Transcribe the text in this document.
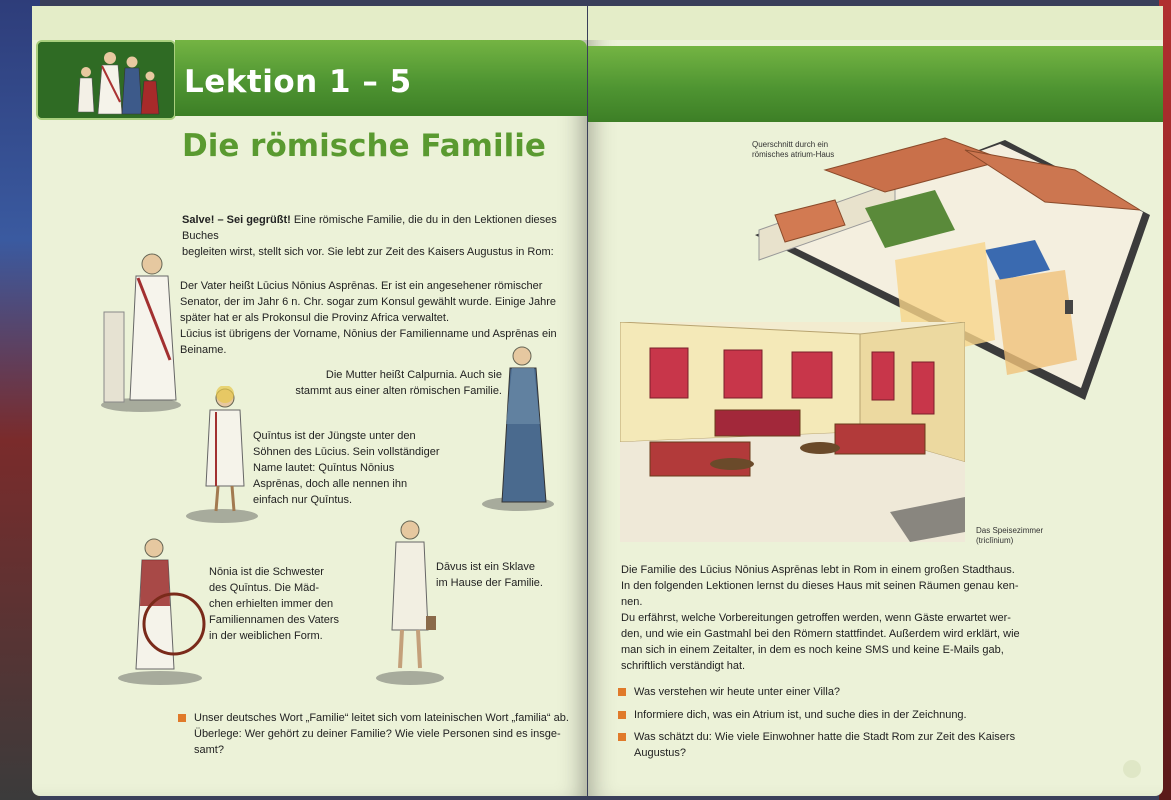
Lektion 1 – 5
Die römische Familie
Salve! – Sei gegrüßt! Eine römische Familie, die du in den Lektionen dieses Buches
begleiten wirst, stellt sich vor. Sie lebt zur Zeit des Kaisers Augustus in Rom:
Der Vater heißt Lūcius Nōnius Asprēnas. Er ist ein angesehener römischer
Senator, der im Jahr 6 n. Chr. sogar zum Konsul gewählt wurde. Einige Jahre
später hat er als Prokonsul die Provinz Africa verwaltet.
Lūcius ist übrigens der Vorname, Nōnius der Familienname und Asprēnas ein
Beiname.
Die Mutter heißt Calpurnia. Auch sie
stammt aus einer alten römischen Familie.
Quīntus ist der Jüngste unter den
Söhnen des Lūcius. Sein vollständiger
Name lautet: Quīntus Nōnius
Asprēnas, doch alle nennen ihn
einfach nur Quīntus.
Nōnia ist die Schwester
des Quīntus. Die Mäd-
chen erhielten immer den
Familiennamen des Vaters
in der weiblichen Form.
Dāvus ist ein Sklave
im Hause der Familie.
Unser deutsches Wort „Familie“ leitet sich vom lateinischen Wort „familia“ ab.
Überlege: Wer gehört zu deiner Familie? Wie viele Personen sind es insge-
samt?
Querschnitt durch ein
römisches atrium-Haus
Das Speisezimmer
(triclīnium)
Die Familie des Lūcius Nōnius Asprēnas lebt in Rom in einem großen Stadthaus.
In den folgenden Lektionen lernst du dieses Haus mit seinen Räumen genau ken-
nen.
Du erfährst, welche Vorbereitungen getroffen werden, wenn Gäste erwartet wer-
den, und wie ein Gastmahl bei den Römern stattfindet. Außerdem wird erklärt, wie
man sich in einem Zeitalter, in dem es noch keine SMS und keine E-Mails gab,
schriftlich verständigt hat.
Was verstehen wir heute unter einer Villa?
Informiere dich, was ein Atrium ist, und suche dies in der Zeichnung.
Was schätzt du: Wie viele Einwohner hatte die Stadt Rom zur Zeit des Kaisers
Augustus?
